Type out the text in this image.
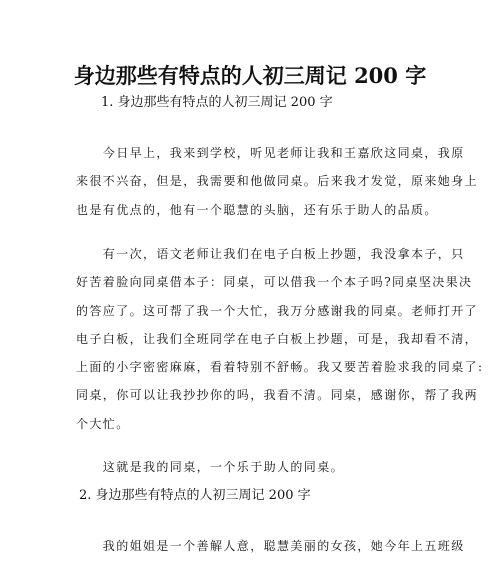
身边那些有特点的人初三周记 200 字
1. 身边那些有特点的人初三周记 200 字

　　今日早上，我来到学校，听见老师让我和王嘉欣这同桌，我原

来很不兴奋，但是，我需要和他做同桌。后来我才发觉，原来她身上

也是有优点的，他有一个聪慧的头脑，还有乐于助人的品质。

　　有一次，语文老师让我们在电子白板上抄题，我没拿本子，只

好苦着脸向同桌借本子：同桌，可以借我一个本子吗?同桌坚决果决

的答应了。这可帮了我一个大忙，我万分感谢我的同桌。老师打开了

电子白板，让我们全班同学在电子白板上抄题，可是，我却看不清，

上面的小字密密麻麻，看着特别不舒畅。我又要苦着脸求我的同桌了:

同桌，你可以让我抄抄你的吗，我看不清。同桌，感谢你，帮了我两

个大忙。

　　这就是我的同桌，一个乐于助人的同桌。

2. 身边那些有特点的人初三周记 200 字

　　我的姐姐是一个善解人意，聪慧美丽的女孩，她今年上五班级
